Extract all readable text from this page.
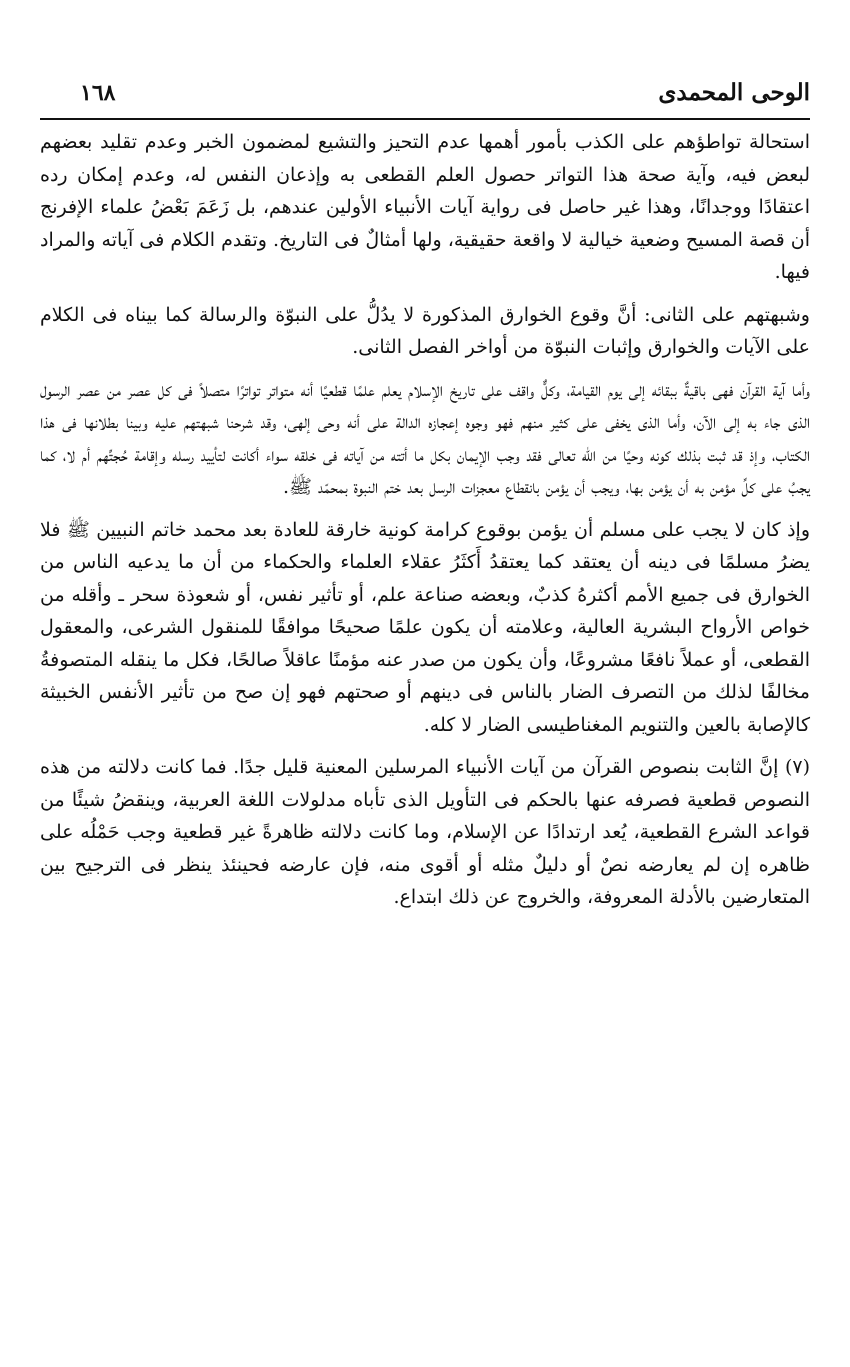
الوحى المحمدى
١٦٨

استحالة تواطؤهم على الكذب بأمور أهمها عدم التحيز والتشيع لمضمون الخبر وعدم تقليد بعضهم لبعض فيه، وآية صحة هذا التواتر حصول العلم القطعى به وإذعان النفس له، وعدم إمكان رده اعتقادًا ووجدانًا، وهذا غير حاصل فى رواية آيات الأنبياء الأولين عندهم، بل زَعَمَ بَعْضُ علماء الإفرنج أن قصة المسيح وضعية خيالية لا واقعة حقيقية، ولها أمثالٌ فى التاريخ. وتقدم الكلام فى آياته والمراد فيها.

وشبهتهم على الثانى: أنَّ وقوع الخوارق المذكورة لا يدُلُّ على النبوّة والرسالة كما بيناه فى الكلام على الآيات والخوارق وإثبات النبوّة من أواخر الفصل الثانى.

وأما آية القرآن فهى باقيةٌ ببقائه إلى يوم القيامة، وكلٌّ واقف على تاريخ الإسلام يعلم علمًا قطعيًا أنه متواتر تواترًا متصلاً فى كل عصر من عصر الرسول الذى جاء به إلى الآن، وأما الذى يخفى على كثير منهم فهو وجوه إعجازه الدالة على أنه وحى إلهى، وقد شرحنا شبهتهم عليه وبينا بطلانها فى هذا الكتاب، وإذ قد ثبت بذلك كونه وحيًا من الله تعالى فقد وجب الإيمان بكل ما أتته من آياته فى خلقه سواء أكانت لتأييد رسله وإقامة حُجتِّهم أم لا، كما يجبُ على كلِّ مؤمن به أن يؤمن بها، ويجب أن يؤمن بانقطاع معجزات الرسل بعد ختم النبوة بمحمّد ﷺ.

وإذ كان لا يجب على مسلم أن يؤمن بوقوع كرامة كونية خارقة للعادة بعد محمد خاتم النبيين ﷺ فلا يضرُ مسلمًا فى دينه أن يعتقد كما يعتقدُ أَكثَرُ عقلاء العلماء والحكماء من أن ما يدعيه الناس من الخوارق فى جميع الأمم أكثرهُ كذبٌ، وبعضه صناعة علم، أو تأثير نفس، أو شعوذة سحر ـ وأقله من خواص الأرواح البشرية العالية، وعلامته أن يكون علمًا صحيحًا موافقًا للمنقول الشرعى، والمعقول القطعى، أو عملاً نافعًا مشروعًا، وأن يكون من صدر عنه مؤمنًا عاقلاً صالحًا، فكل ما ينقله المتصوفةُ مخالفًا لذلك من التصرف الضار بالناس فى دينهم أو صحتهم فهو إن صح من تأثير الأنفس الخبيثة كالإصابة بالعين والتنويم المغناطيسى الضار لا كله.

(٧) إنَّ الثابت بنصوص القرآن من آيات الأنبياء المرسلين المعنية قليل جدًا. فما كانت دلالته من هذه النصوص قطعية فصرفه عنها بالحكم فى التأويل الذى تأباه مدلولات اللغة العربية، وينقضُ شيئًا من قواعد الشرع القطعية، يُعد ارتدادًا عن الإسلام، وما كانت دلالته ظاهرةً غير قطعية وجب حَمْلُه على ظاهره إن لم يعارضه نصٌ أو دليلٌ مثله أو أقوى منه، فإن عارضه فحينئذ ينظر فى الترجيح بين المتعارضين بالأدلة المعروفة، والخروج عن ذلك ابتداع.
